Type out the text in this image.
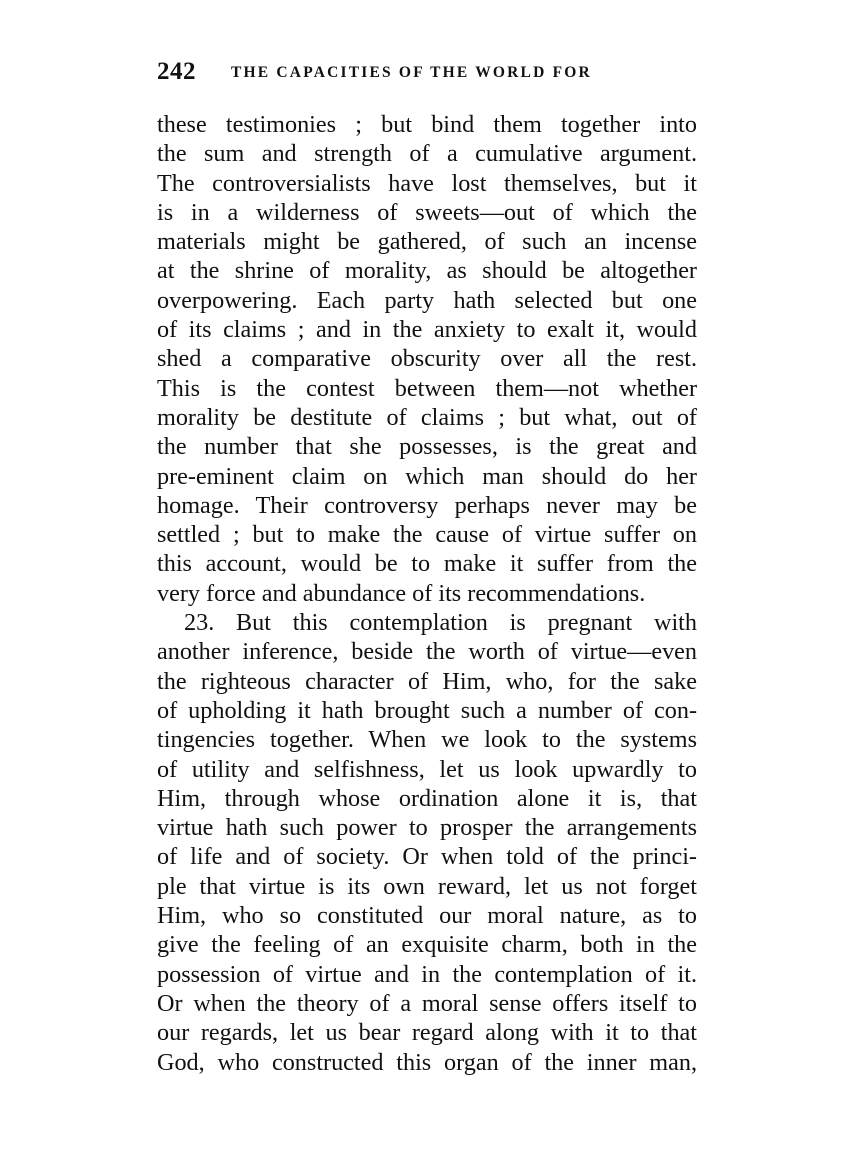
242 THE CAPACITIES OF THE WORLD FOR
these testimonies ; but bind them together into
the sum and strength of a cumulative argument.
The controversialists have lost themselves, but it
is in a wilderness of sweets—out of which the
materials might be gathered, of such an incense
at the shrine of morality, as should be altogether
overpowering. Each party hath selected but one
of its claims ; and in the anxiety to exalt it, would
shed a comparative obscurity over all the rest.
This is the contest between them—not whether
morality be destitute of claims ; but what, out of
the number that she possesses, is the great and
pre-eminent claim on which man should do her
homage. Their controversy perhaps never may be
settled ; but to make the cause of virtue suffer on
this account, would be to make it suffer from the
very force and abundance of its recommendations.
23. But this contemplation is pregnant with
another inference, beside the worth of virtue—even
the righteous character of Him, who, for the sake
of upholding it hath brought such a number of con-
tingencies together. When we look to the systems
of utility and selfishness, let us look upwardly to
Him, through whose ordination alone it is, that
virtue hath such power to prosper the arrangements
of life and of society. Or when told of the princi-
ple that virtue is its own reward, let us not forget
Him, who so constituted our moral nature, as to
give the feeling of an exquisite charm, both in the
possession of virtue and in the contemplation of it.
Or when the theory of a moral sense offers itself to
our regards, let us bear regard along with it to that
God, who constructed this organ of the inner man,
